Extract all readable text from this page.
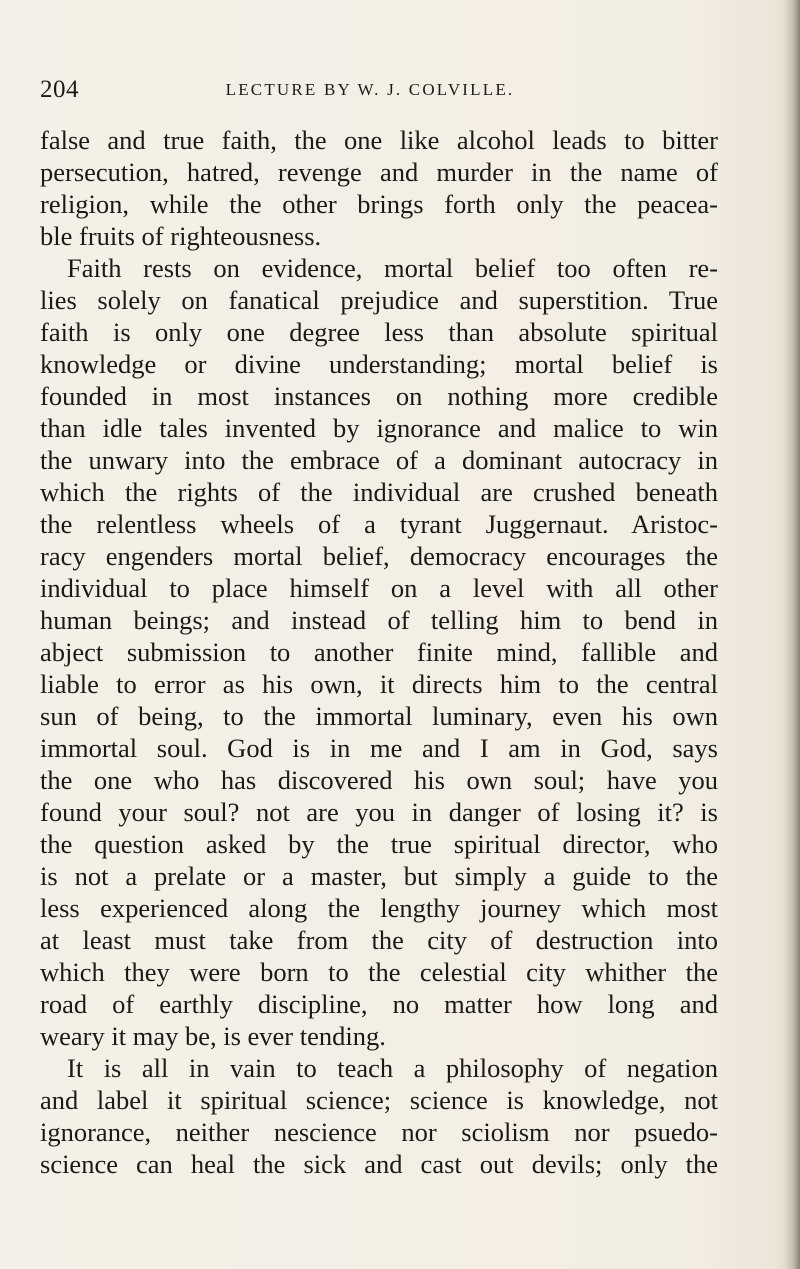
204	LECTURE BY W. J. COLVILLE.
false and true faith, the one like alcohol leads to bitter
persecution, hatred, revenge and murder in the name of
religion, while the other brings forth only the peacea-
ble fruits of righteousness.
Faith rests on evidence, mortal belief too often re-
lies solely on fanatical prejudice and superstition. True
faith is only one degree less than absolute spiritual
knowledge or divine understanding; mortal belief is
founded in most instances on nothing more credible
than idle tales invented by ignorance and malice to win
the unwary into the embrace of a dominant autocracy in
which the rights of the individual are crushed beneath
the relentless wheels of a tyrant Juggernaut. Aristoc-
racy engenders mortal belief, democracy encourages the
individual to place himself on a level with all other
human beings; and instead of telling him to bend in
abject submission to another finite mind, fallible and
liable to error as his own, it directs him to the central
sun of being, to the immortal luminary, even his own
immortal soul. God is in me and I am in God, says
the one who has discovered his own soul; have you
found your soul? not are you in danger of losing it? is
the question asked by the true spiritual director, who
is not a prelate or a master, but simply a guide to the
less experienced along the lengthy journey which most
at least must take from the city of destruction into
which they were born to the celestial city whither the
road of earthly discipline, no matter how long and
weary it may be, is ever tending.
It is all in vain to teach a philosophy of negation
and label it spiritual science; science is knowledge, not
ignorance, neither nescience nor sciolism nor psuedo-
science can heal the sick and cast out devils; only the
